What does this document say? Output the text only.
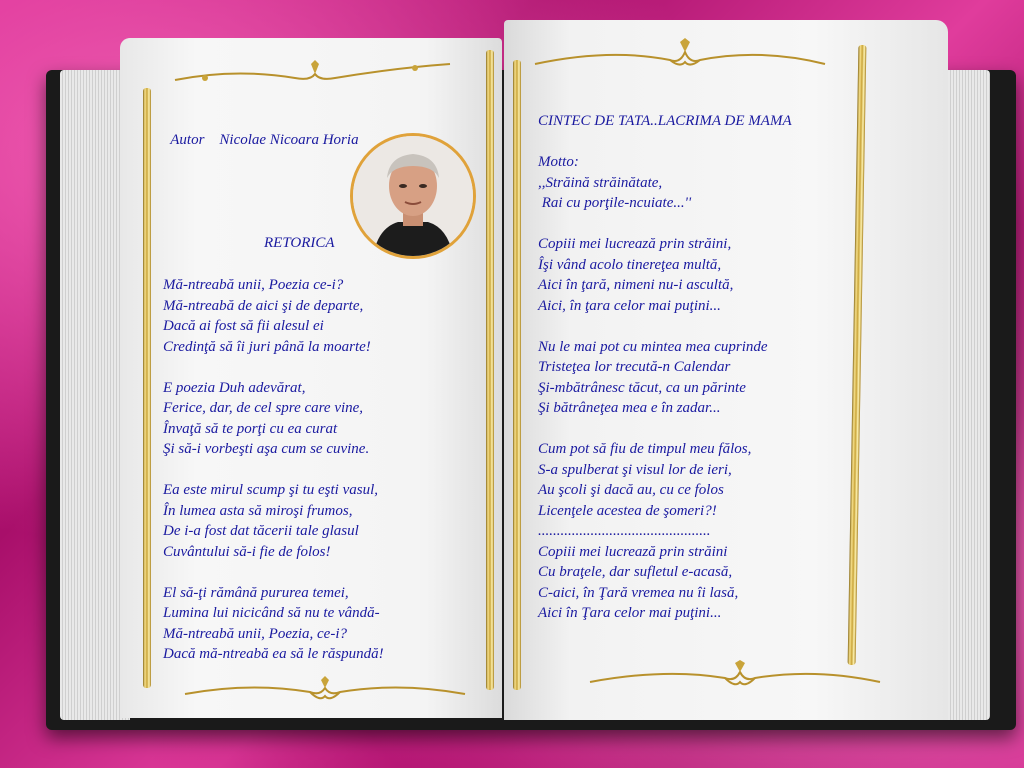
Autor Nicolae Nicoara Horia

RETORICA
Mă-ntreabă unii, Poezia ce-i?
Mă-ntreabă de aici şi de departe,
Dacă ai fost să fii alesul ei
Credinţă să îi juri până la moarte!
E poezia Duh adevărat,
Ferice, dar, de cel spre care vine,
Învaţă să te porţi cu ea curat
Şi să-i vorbeşti aşa cum se cuvine.
Ea este mirul scump şi tu eşti vasul,
În lumea asta să miroşi frumos,
De i-a fost dat tăcerii tale glasul
Cuvântului să-i fie de folos!
El să-ţi rămână pururea temei,
Lumina lui nicicând să nu te vândă-
Mă-ntreabă unii, Poezia, ce-i?
Dacă mă-ntreabă ea să le răspundă!
CINTEC DE TATA..LACRIMA DE MAMA
Motto:
,,Străină străinătate,
Rai cu porţile-ncuiate...''
Copiii mei lucrează prin străini,
Îşi vând acolo tinereţea multă,
Aici în ţară, nimeni nu-i ascultă,
Aici, în ţara celor mai puţini...
Nu le mai pot cu mintea mea cuprinde
Tristeţea lor trecută-n Calendar
Şi-mbătrânesc tăcut, ca un părinte
Şi bătrâneţea mea e în zadar...
Cum pot să fiu de timpul meu fălos,
S-a spulberat şi visul lor de ieri,
Au şcoli şi dacă au, cu ce folos
Licenţele acestea de şomeri?!
..............................................
Copiii mei lucrează prin străini
Cu braţele, dar sufletul e-acasă,
C-aici, în Ţară vremea nu îi lasă,
Aici în Ţara celor mai puţini...
